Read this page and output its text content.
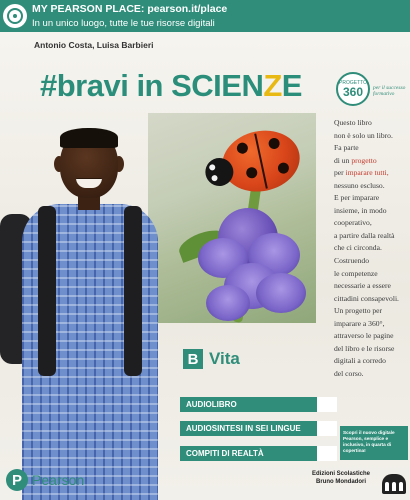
MY PEARSON PLACE: pearson.it/place
In un unico luogo, tutte le tue risorse digitali
Antonio Costa, Luisa Barbieri
#bravi in SCIENZE	PROGETTO
360 per il successo formativo
B Vita
AUDIOLIBRO
AUDIOSINTESI IN SEI LINGUE
COMPITI DI REALTÀ
Questo libro
non è solo un libro.
Fa parte
di un progetto
per imparare tutti,
nessuno escluso.
E per imparare
insieme, in modo
cooperativo,
a partire dalla realtà
che ci circonda.
Costruendo
le competenze
necessarie a essere
cittadini consapevoli.
Un progetto per
imparare a 360°,
attraverso le pagine
del libro e le risorse
digitali a corredo
del corso.
Scopri il nuovo digitale Pearson, semplice e inclusivo, in quarta di copertina!
P Pearson	Edizioni Scolastiche
Bruno Mondadori
